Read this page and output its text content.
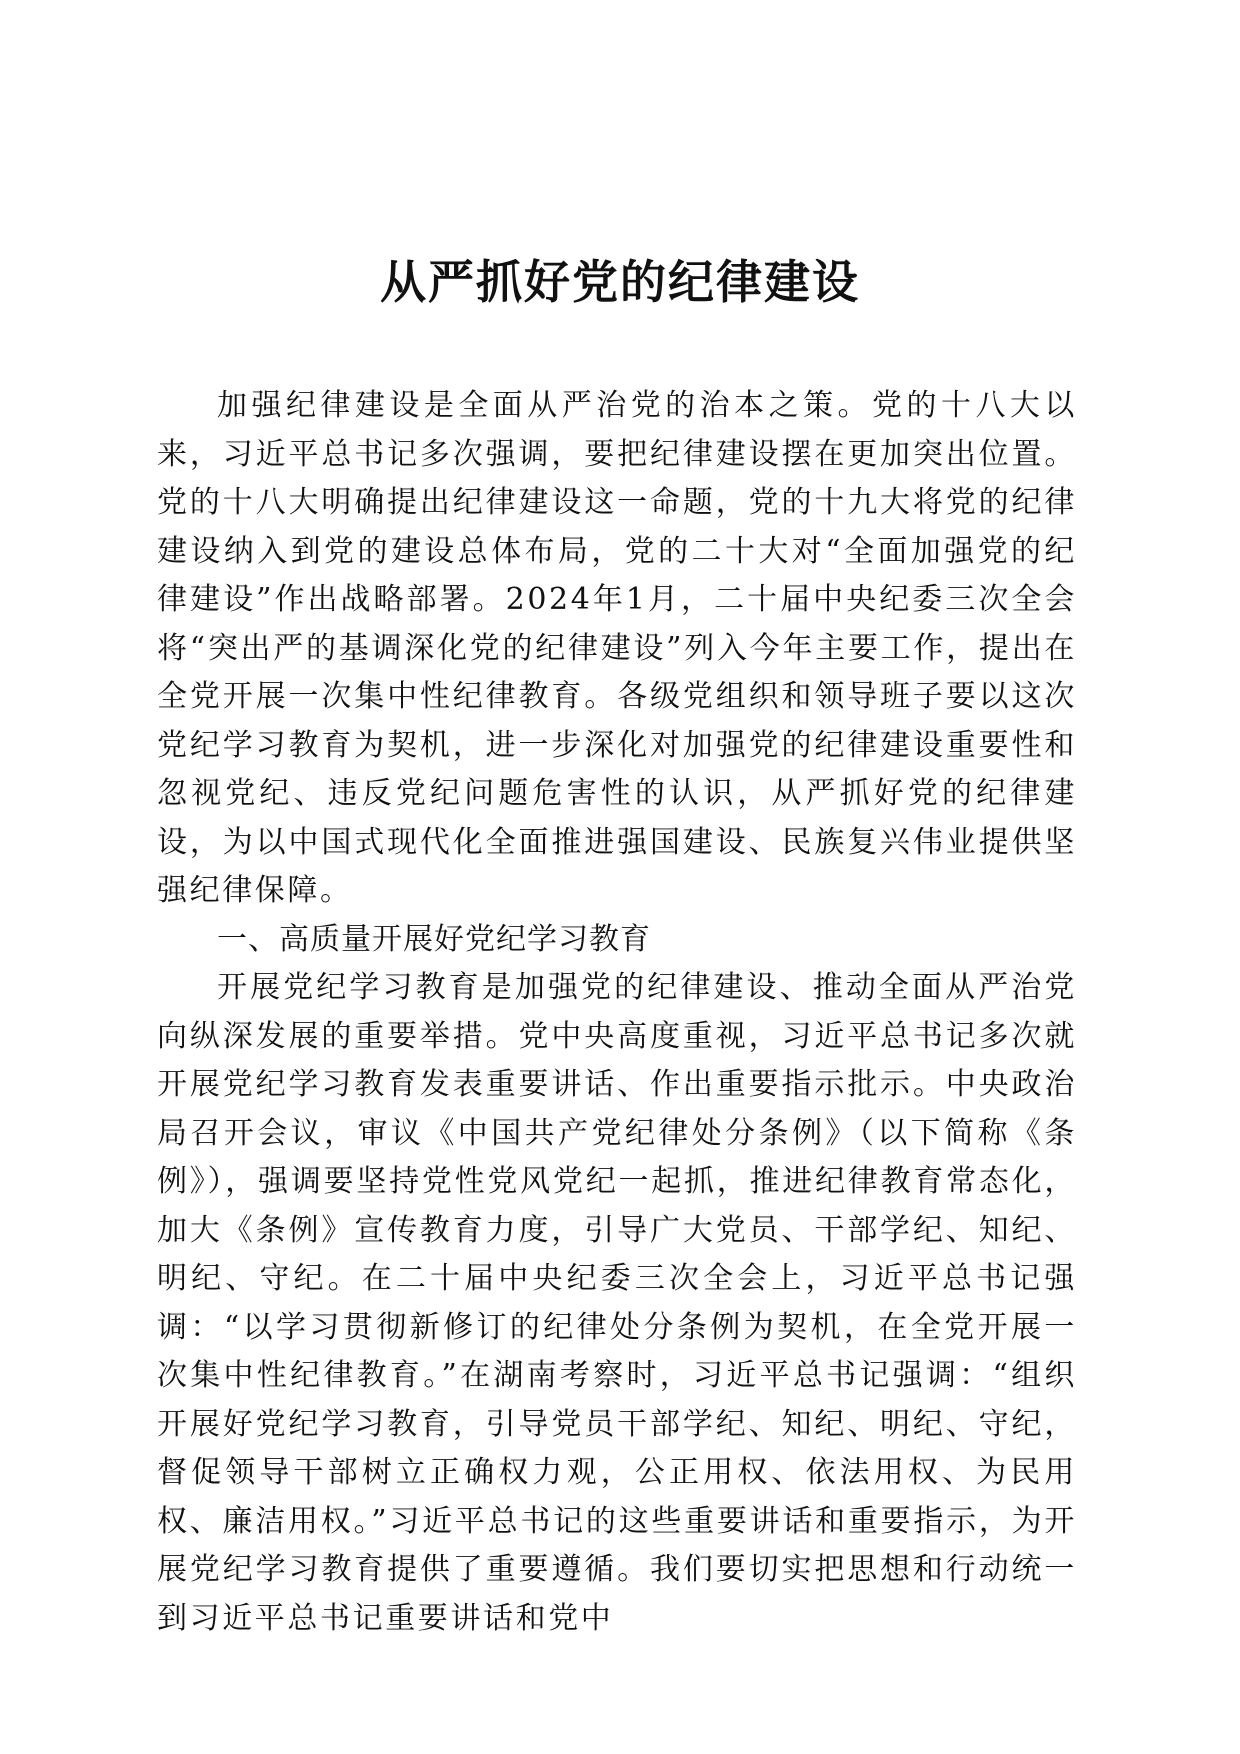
从严抓好党的纪律建设

加强纪律建设是全面从严治党的治本之策。党的十八大以来，习近平总书记多次强调，要把纪律建设摆在更加突出位置。党的十八大明确提出纪律建设这一命题，党的十九大将党的纪律建设纳入到党的建设总体布局，党的二十大对“全面加强党的纪律建设”作出战略部署。2024年1月，二十届中央纪委三次全会将“突出严的基调深化党的纪律建设”列入今年主要工作，提出在全党开展一次集中性纪律教育。各级党组织和领导班子要以这次党纪学习教育为契机，进一步深化对加强党的纪律建设重要性和忽视党纪、违反党纪问题危害性的认识，从严抓好党的纪律建设，为以中国式现代化全面推进强国建设、民族复兴伟业提供坚强纪律保障。

一、高质量开展好党纪学习教育

开展党纪学习教育是加强党的纪律建设、推动全面从严治党向纵深发展的重要举措。党中央高度重视，习近平总书记多次就开展党纪学习教育发表重要讲话、作出重要指示批示。中央政治局召开会议，审议《中国共产党纪律处分条例》（以下简称《条例》），强调要坚持党性党风党纪一起抓，推进纪律教育常态化，加大《条例》宣传教育力度，引导广大党员、干部学纪、知纪、明纪、守纪。在二十届中央纪委三次全会上，习近平总书记强调：“以学习贯彻新修订的纪律处分条例为契机，在全党开展一次集中性纪律教育。”在湖南考察时，习近平总书记强调：“组织开展好党纪学习教育，引导党员干部学纪、知纪、明纪、守纪，督促领导干部树立正确权力观，公正用权、依法用权、为民用权、廉洁用权。”习近平总书记的这些重要讲话和重要指示，为开展党纪学习教育提供了重要遵循。我们要切实把思想和行动统一到习近平总书记重要讲话和党中
